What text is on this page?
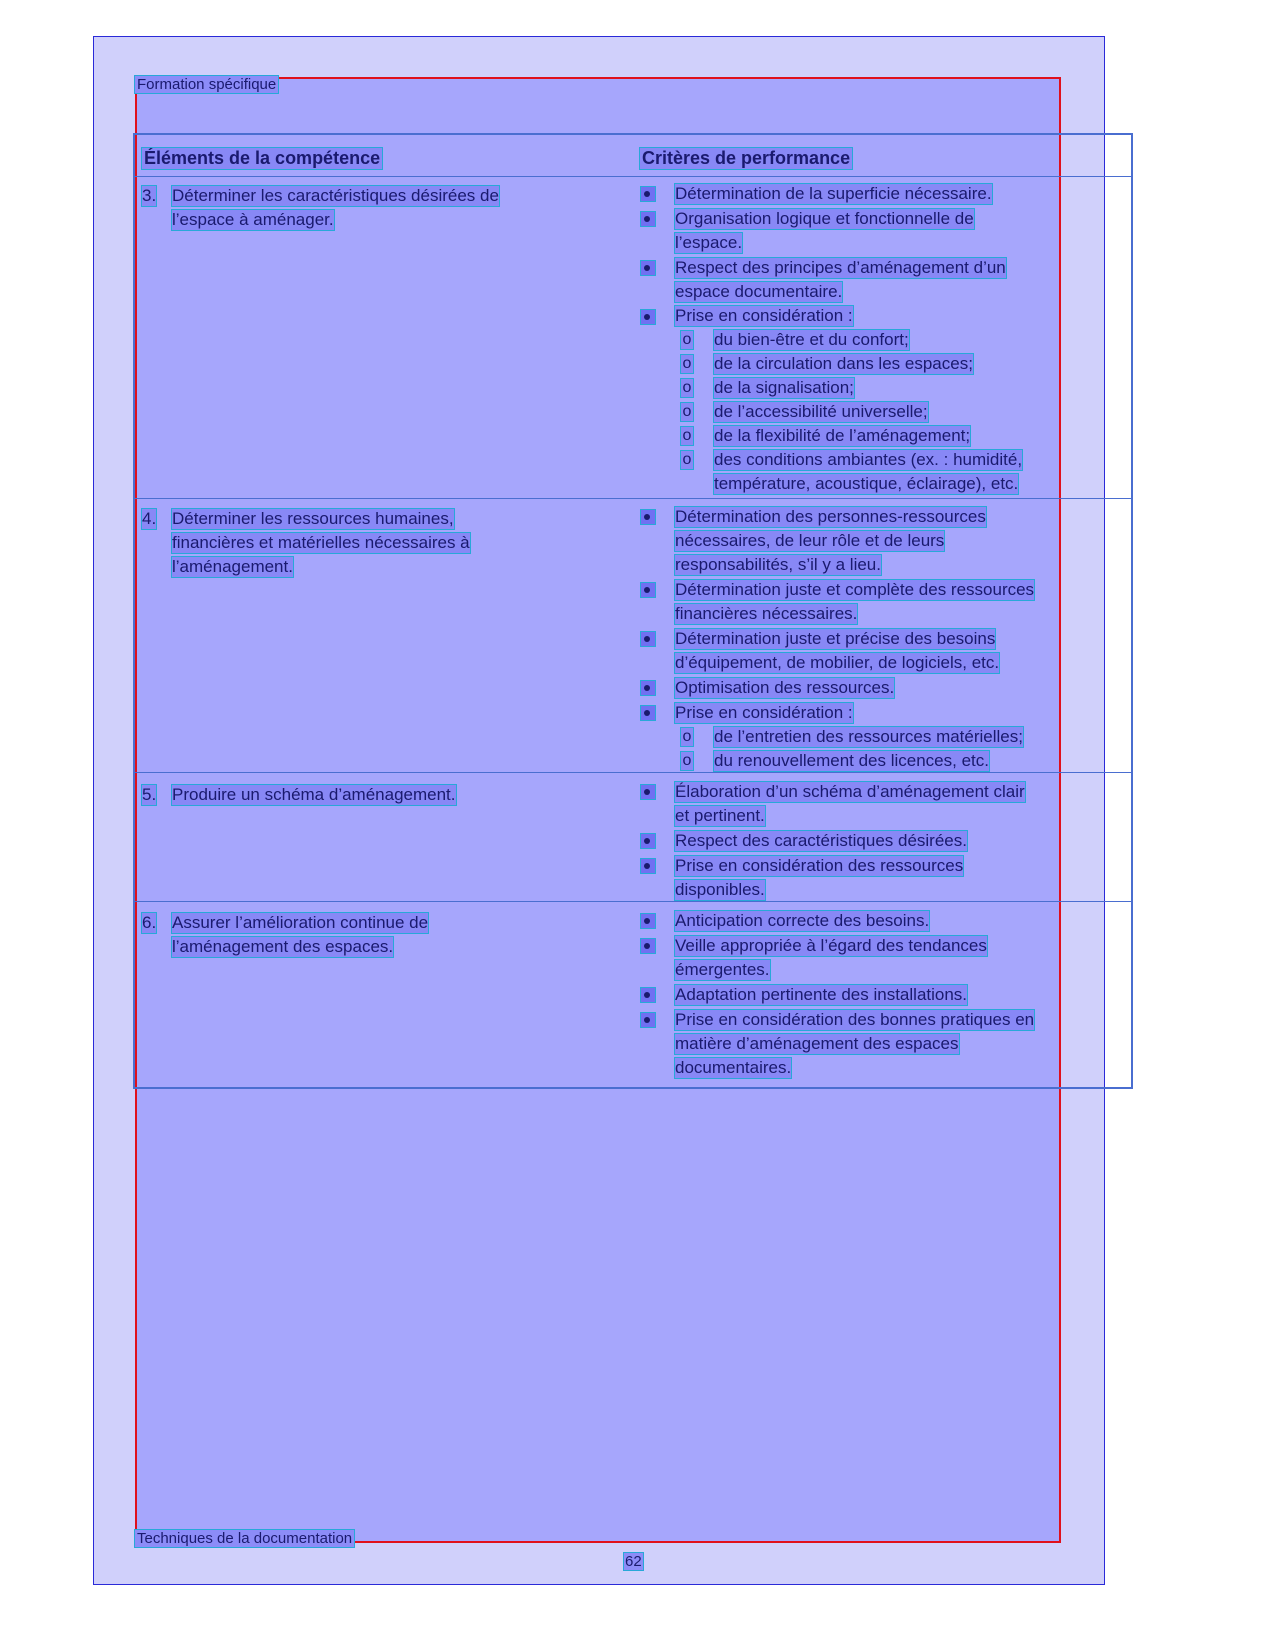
Formation spécifique
Éléments de la compétence	Critères de performance
3. Déterminer les caractéristiques désirées de
l’espace à aménager.
Détermination de la superficie nécessaire.
Organisation logique et fonctionnelle de
l’espace.
Respect des principes d’aménagement d’un
espace documentaire.
Prise en considération :
o du bien-être et du confort;
o de la circulation dans les espaces;
o de la signalisation;
o de l’accessibilité universelle;
o de la flexibilité de l’aménagement;
o des conditions ambiantes (ex. : humidité,
température, acoustique, éclairage), etc.
4. Déterminer les ressources humaines,
financières et matérielles nécessaires à
l’aménagement.
Détermination des personnes-ressources
nécessaires, de leur rôle et de leurs
responsabilités, s’il y a lieu.
Détermination juste et complète des ressources
financières nécessaires.
Détermination juste et précise des besoins
d’équipement, de mobilier, de logiciels, etc.
Optimisation des ressources.
Prise en considération :
o de l’entretien des ressources matérielles;
o du renouvellement des licences, etc.
5. Produire un schéma d’aménagement.	Élaboration d’un schéma d’aménagement clair
et pertinent.
Respect des caractéristiques désirées.
Prise en considération des ressources
disponibles.
6. Assurer l’amélioration continue de
l’aménagement des espaces.
Anticipation correcte des besoins.
Veille appropriée à l’égard des tendances
émergentes.
Adaptation pertinente des installations.
Prise en considération des bonnes pratiques en
matière d’aménagement des espaces
documentaires.
Techniques de la documentation
62
